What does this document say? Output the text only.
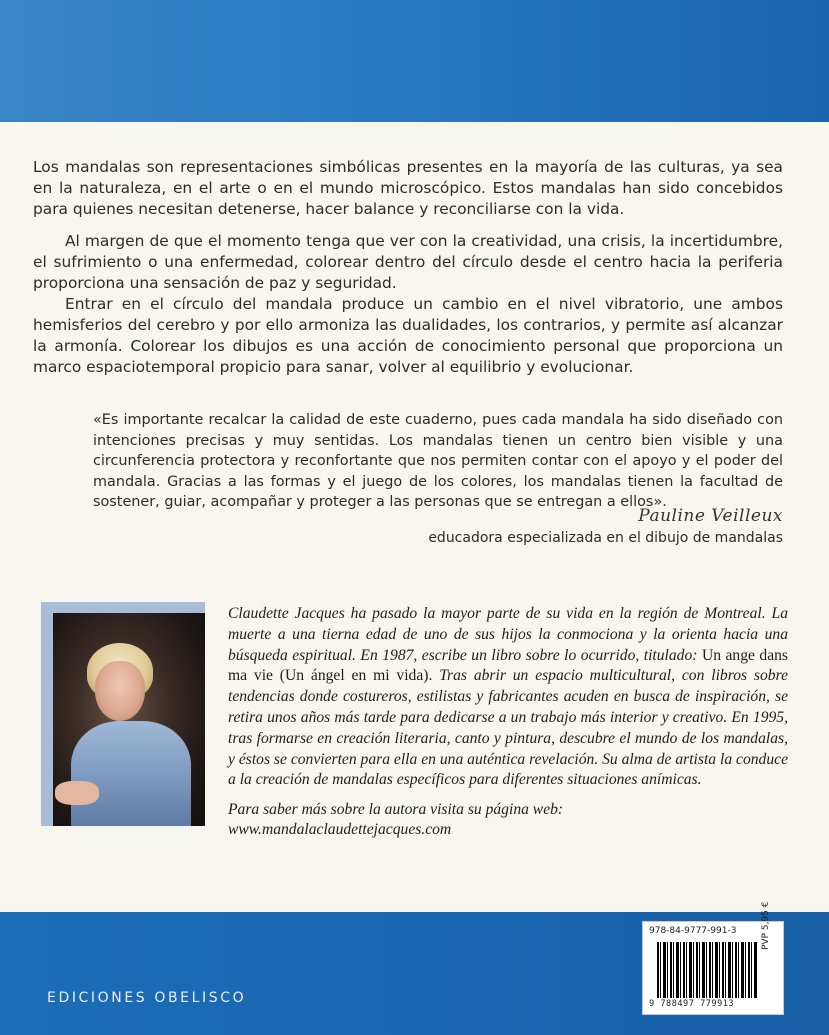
Los mandalas son representaciones simbólicas presentes en la mayoría de las culturas, ya sea en la naturaleza, en el arte o en el mundo microscópico. Estos mandalas han sido concebidos para quienes necesitan detenerse, hacer balance y reconciliarse con la vida.

Al margen de que el momento tenga que ver con la creatividad, una crisis, la incertidumbre, el sufrimiento o una enfermedad, colorear dentro del círculo desde el centro hacia la periferia proporciona una sensación de paz y seguridad.

Entrar en el círculo del mandala produce un cambio en el nivel vibratorio, une ambos hemisferios del cerebro y por ello armoniza las dualidades, los contrarios, y permite así alcanzar la armonía. Colorear los dibujos es una acción de conocimiento personal que proporciona un marco espaciotemporal propicio para sanar, volver al equilibrio y evolucionar.

«Es importante recalcar la calidad de este cuaderno, pues cada mandala ha sido diseñado con intenciones precisas y muy sentidas. Los mandalas tienen un centro bien visible y una circunferencia protectora y reconfortante que nos permiten contar con el apoyo y el poder del mandala. Gracias a las formas y el juego de los colores, los mandalas tienen la facultad de sostener, guiar, acompañar y proteger a las personas que se entregan a ellos».

Pauline Veilleux

educadora especializada en el dibujo de mandalas

Claudette Jacques ha pasado la mayor parte de su vida en la región de Montreal. La muerte a una tierna edad de uno de sus hijos la conmociona y la orienta hacia una búsqueda espiritual. En 1987, escribe un libro sobre lo ocurrido, titulado: Un ange dans ma vie (Un ángel en mi vida). Tras abrir un espacio multicultural, con libros sobre tendencias donde costureros, estilistas y fabricantes acuden en busca de inspiración, se retira unos años más tarde para dedicarse a un trabajo más interior y creativo. En 1995, tras formarse en creación literaria, canto y pintura, descubre el mundo de los mandalas, y éstos se convierten para ella en una auténtica revelación. Su alma de artista la conduce a la creación de mandalas específicos para diferentes situaciones anímicas.

Para saber más sobre la autora visita su página web:

www.mandalaclaudettejacques.com

EDICIONES OBELISCO

978-84-9777-991-3

9 788497 779913

PVP 5,95 €
